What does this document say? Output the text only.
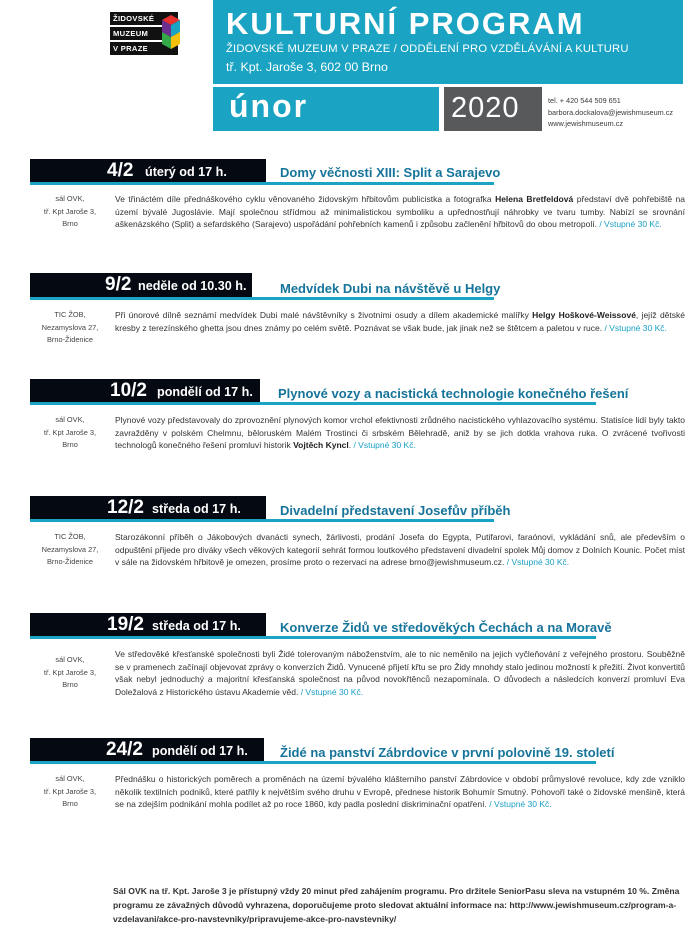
ŽIDOVSKÉ
MUZEUM
V PRAZE
KULTURNÍ PROGRAM
ŽIDOVSKÉ MUZEUM V PRAZE / ODDĚLENÍ PRO VZDĚLÁVÁNÍ A KULTURU
tř. Kpt. Jaroše 3, 602 00 Brno
únor	2020	tel. + 420 544 509 651
barbora.dockalova@jewishmuseum.cz
www.jewishmuseum.cz
4/2 úterý od 17 h.	Domy věčnosti XIII: Split a Sarajevo
sál OVK,
tř. Kpt Jaroše 3,
Brno
Ve třináctém díle přednáškového cyklu věnovaného židovským hřbitovům publicistka a fotografka Helena Bretfeldová představí dvě pohřebiště na území bývalé Jugoslávie. Mají společnou střídmou až minimalistickou symboliku a upřednostňují náhrobky ve tvaru tumby. Nabízí se srovnání aškenázského (Split) a sefardského (Sarajevo) uspořádání pohřebních kamenů i způsobu začlenění hřbitovů do obou metropolí. / Vstupné 30 Kč.
9/2 neděle od 10.30 h.	Medvídek Dubi na návštěvě u Helgy
TIC ŽOB,
Nezamyslova 27,
Brno-Židenice
Při únorové dílně seznámí medvídek Dubi malé návštěvníky s životními osudy a dílem akademické malířky Helgy Hoškové-Weissové, jejíž dětské kresby z terezínského ghetta jsou dnes známy po celém světě. Poznávat se však bude, jak jinak než se štětcem a paletou v ruce. / Vstupné 30 Kč.
10/2 pondělí od 17 h. Plynové vozy a nacistická technologie konečného řešení
sál OVK,
tř. Kpt Jaroše 3,
Brno
Plynové vozy představovaly do zprovoznění plynových komor vrchol efektivnosti zrůdného nacistického vyhlazovacího systému. Statisíce lidí byly takto zavražděny v polském Chelmnu, běloruském Malém Trostinci či srbském Bělehradě, aniž by se jich dotkla vrahova ruka. O zvrácené tvořivosti technologů konečného řešení promluví historik Vojtěch Kyncl. / Vstupné 30 Kč.
12/2 středa od 17 h.	Divadelní představení Josefův příběh
TIC ŽOB,
Nezamyslova 27,
Brno-Židenice
Starozákonní příběh o Jákobových dvanácti synech, žárlivosti, prodání Josefa do Egypta, Putifarovi, faraónovi, vykládání snů, ale především o odpuštění přijede pro diváky všech věkových kategorií sehrát formou loutkového představení divadelní spolek Můj domov z Dolních Kounic. Počet míst v sále na židovském hřbitově je omezen, prosíme proto o rezervaci na adrese brno@jewishmuseum.cz. / Vstupné 30 Kč.
19/2 středa od 17 h.	Konverze Židů ve středověkých Čechách a na Moravě
sál OVK,
tř. Kpt Jaroše 3,
Brno
Ve středověké křesťanské společnosti byli Židé tolerovaným náboženstvím, ale to nic neměnilo na jejich vyčleňování z veřejného prostoru. Souběžně se v pramenech začínají objevovat zprávy o konverzích Židů. Vynucené přijetí křtu se pro Židy mnohdy stalo jedinou možností k přežití. Život konvertitů však nebyl jednoduchý a majoritní křesťanská společnost na původ novokřtěnců nezapomínala. O důvodech a následcích konverzí promluví Eva Doležalová z Historického ústavu Akademie věd. / Vstupné 30 Kč.
24/2 pondělí od 17 h. Židé na panství Zábrdovice v první polovině 19. století
sál OVK,
tř. Kpt Jaroše 3,
Brno
Přednášku o historických poměrech a proměnách na území bývalého klášterního panství Zábrdovice v období průmyslové revoluce, kdy zde vzniklo několik textilních podniků, které patřily k největším svého druhu v Evropě, přednese historik Bohumír Smutný. Pohovoří také o židovské menšině, která se na zdejším podnikání mohla podílet až po roce 1860, kdy padla poslední diskriminační opatření. / Vstupné 30 Kč.
Sál OVK na tř. Kpt. Jaroše 3 je přístupný vždy 20 minut před zahájením programu. Pro držitele SeniorPasu sleva na vstupném 10 %. Změna programu ze závažných důvodů vyhrazena, doporučujeme proto sledovat aktuální informace na: http://www.jewishmuseum.cz/program-a-vzdelavani/akce-pro-navstevniky/pripravujeme-akce-pro-navstevniky/
